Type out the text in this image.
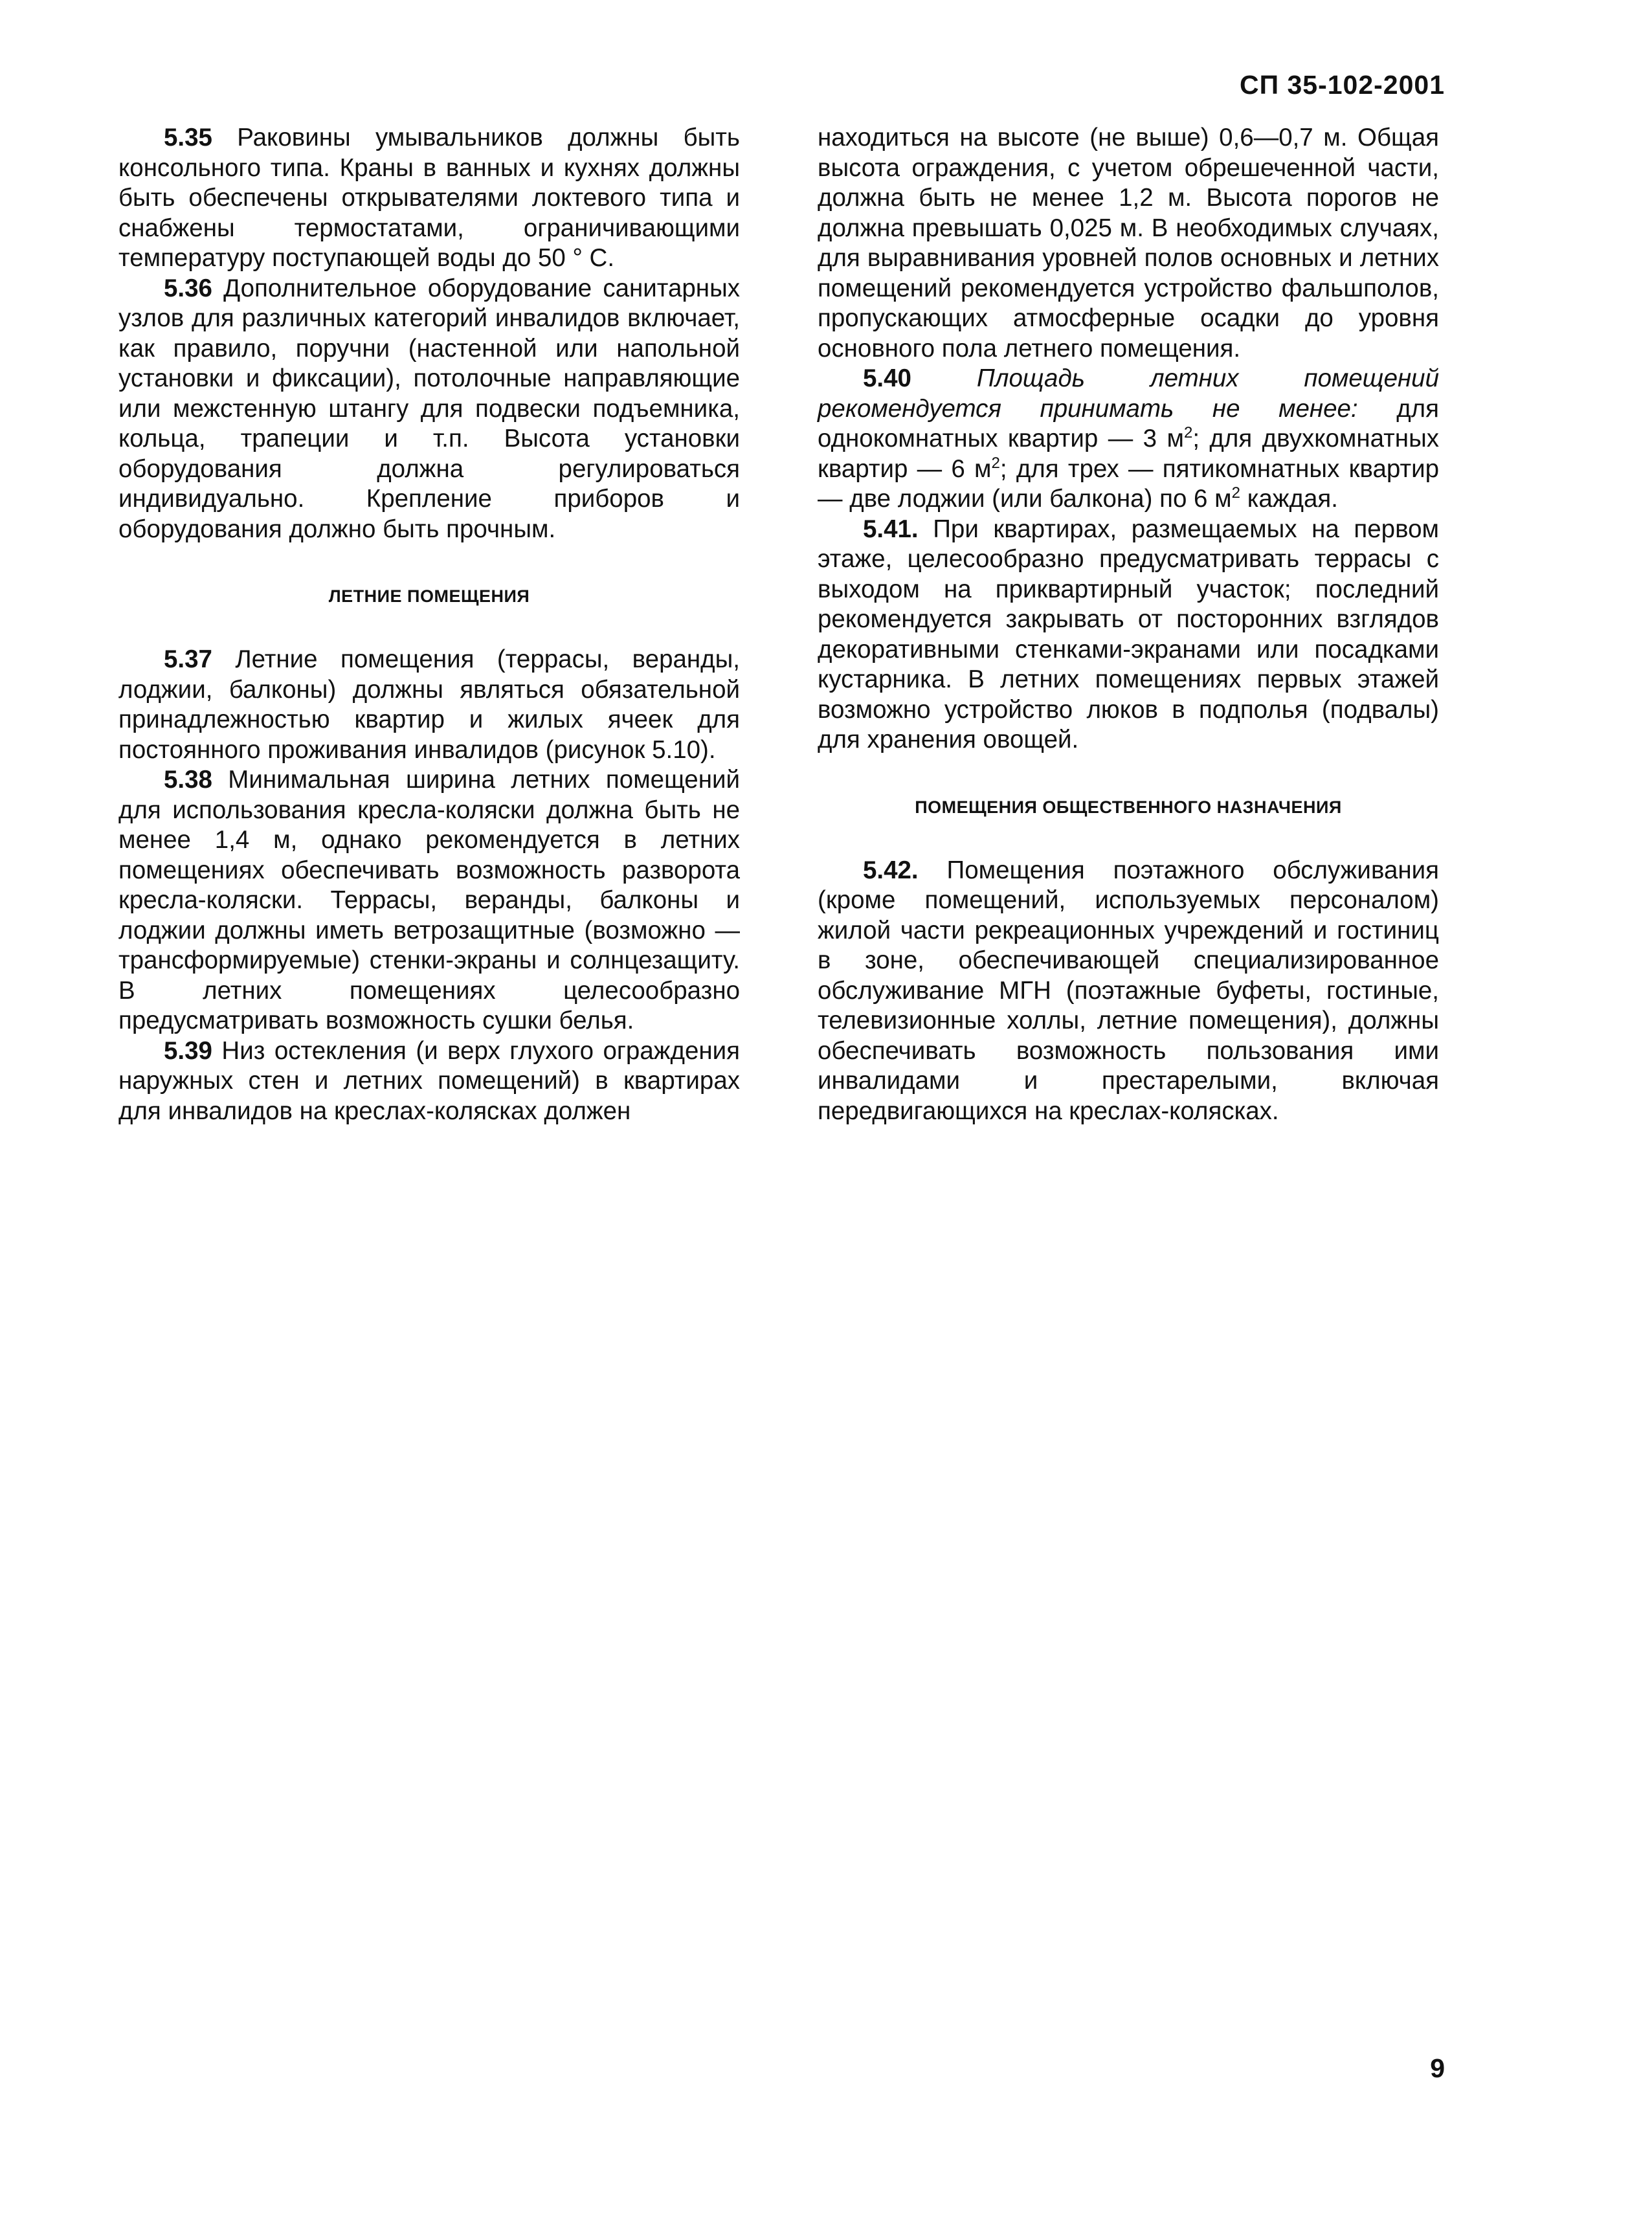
СП 35-102-2001

5.35 Раковины умывальников должны быть консольного типа. Краны в ванных и кухнях должны быть обеспечены открывателями локтевого типа и снабжены термостатами, ограничивающими температуру поступающей воды до 50 ° С.

5.36 Дополнительное оборудование санитарных узлов для различных категорий инвалидов включает, как правило, поручни (настенной или напольной установки и фиксации), потолочные направляющие или межстенную штангу для подвески подъемника, кольца, трапеции и т.п. Высота установки оборудования должна регулироваться индивидуально. Крепление приборов и оборудования должно быть прочным.

ЛЕТНИЕ ПОМЕЩЕНИЯ

5.37 Летние помещения (террасы, веранды, лоджии, балконы) должны являться обязательной принадлежностью квартир и жилых ячеек для постоянного проживания инвалидов (рисунок 5.10).

5.38 Минимальная ширина летних помещений для использования кресла-коляски должна быть не менее 1,4 м, однако рекомендуется в летних помещениях обеспечивать возможность разворота кресла-коляски. Террасы, веранды, балконы и лоджии должны иметь ветрозащитные (возможно — трансформируемые) стенки-экраны и солнцезащиту. В летних помещениях целесообразно предусматривать возможность сушки белья.

5.39 Низ остекления (и верх глухого ограждения наружных стен и летних помещений) в квартирах для инвалидов на креслах-колясках должен

находиться на высоте (не выше) 0,6—0,7 м. Общая высота ограждения, с учетом обрешеченной части, должна быть не менее 1,2 м. Высота порогов не должна превышать 0,025 м. В необходимых случаях, для выравнивания уровней полов основных и летних помещений рекомендуется устройство фальшполов, пропускающих атмосферные осадки до уровня основного пола летнего помещения.

5.40 Площадь летних помещений рекомендуется принимать не менее: для однокомнатных квартир — 3 $м^2$; для двухкомнатных квартир — 6 $м^2$; для трех — пятикомнатных квартир — две лоджии (или балкона) по 6 $м^2$ каждая.

5.41. При квартирах, размещаемых на первом этаже, целесообразно предусматривать террасы с выходом на приквартирный участок; последний рекомендуется закрывать от посторонних взглядов декоративными стенками-экранами или посадками кустарника. В летних помещениях первых этажей возможно устройство люков в подполья (подвалы) для хранения овощей.

ПОМЕЩЕНИЯ ОБЩЕСТВЕННОГО НАЗНАЧЕНИЯ

5.42. Помещения поэтажного обслуживания (кроме помещений, используемых персоналом) жилой части рекреационных учреждений и гостиниц в зоне, обеспечивающей специализированное обслуживание МГН (поэтажные буфеты, гостиные, телевизионные холлы, летние помещения), должны обеспечивать возможность пользования ими инвалидами и престарелыми, включая передвигающихся на креслах-колясках.

9
